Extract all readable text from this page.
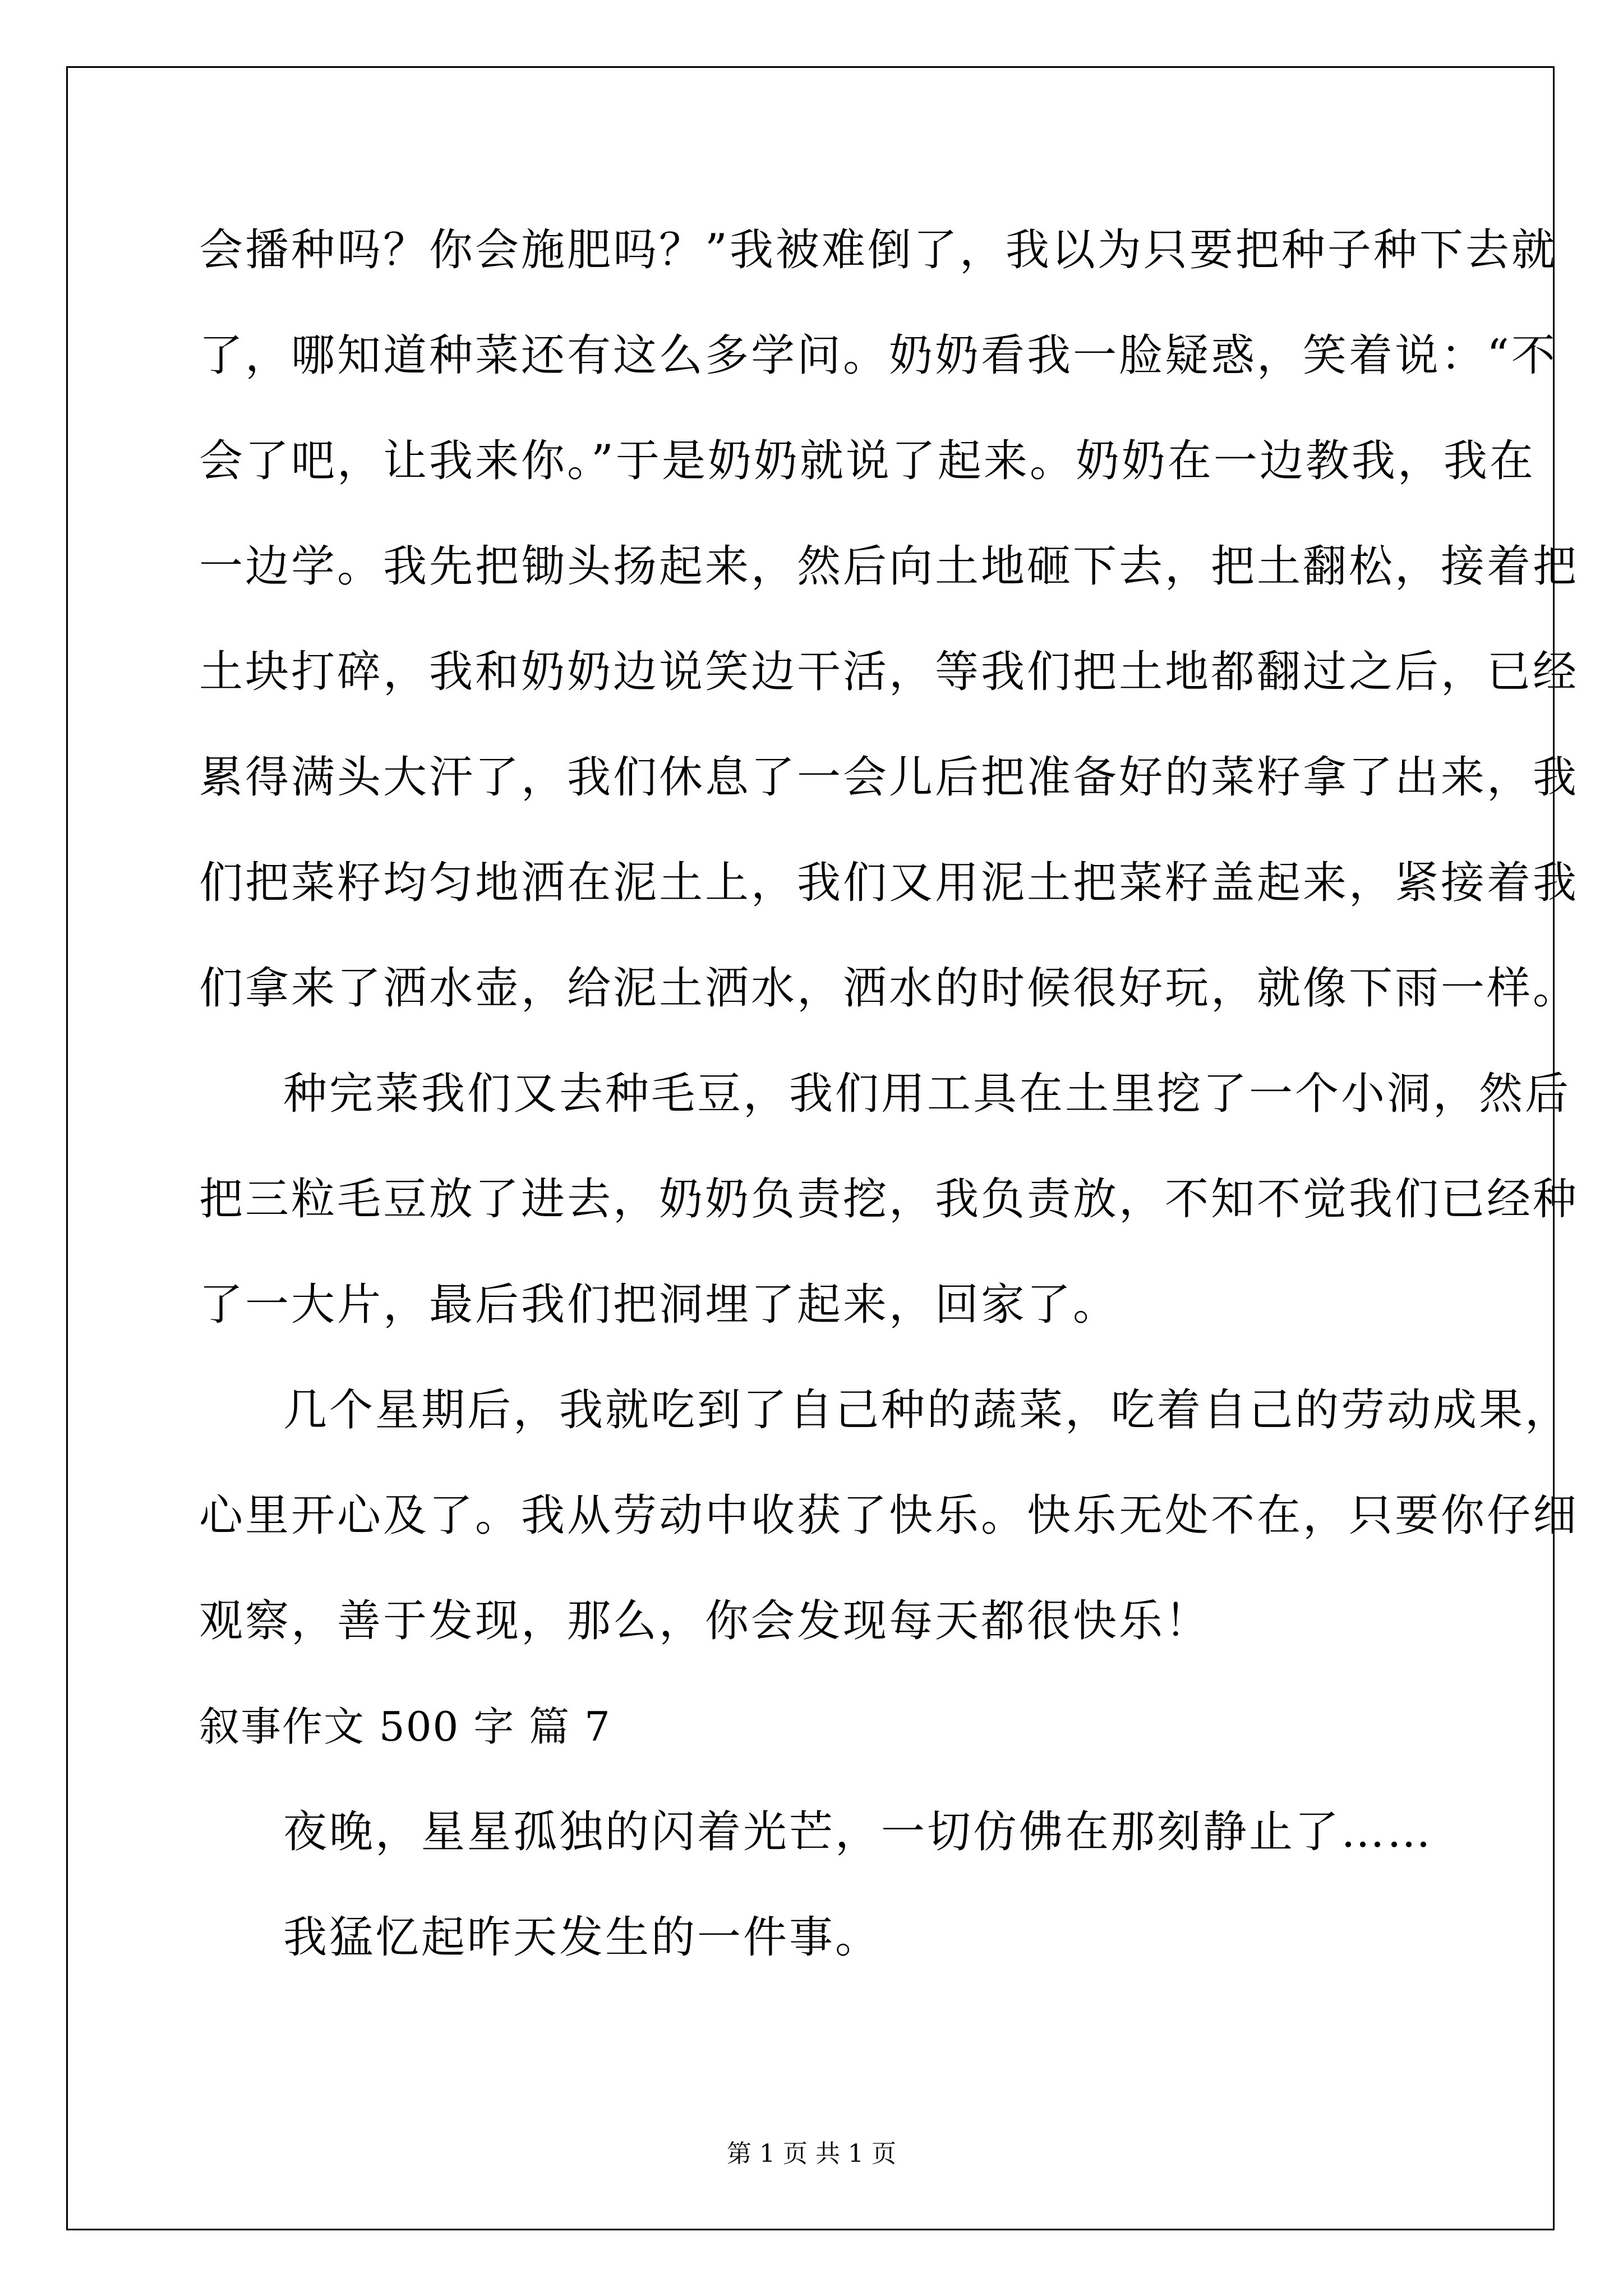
会播种吗？你会施肥吗？”我被难倒了，我以为只要把种子种下去就
了，哪知道种菜还有这么多学问。奶奶看我一脸疑惑，笑着说：“不
会了吧，让我来你。”于是奶奶就说了起来。奶奶在一边教我，我在
一边学。我先把锄头扬起来，然后向土地砸下去，把土翻松，接着把
土块打碎，我和奶奶边说笑边干活，等我们把土地都翻过之后，已经
累得满头大汗了，我们休息了一会儿后把准备好的菜籽拿了出来，我
们把菜籽均匀地洒在泥土上，我们又用泥土把菜籽盖起来，紧接着我
们拿来了洒水壶，给泥土洒水，洒水的时候很好玩，就像下雨一样。
种完菜我们又去种毛豆，我们用工具在土里挖了一个小洞，然后
把三粒毛豆放了进去，奶奶负责挖，我负责放，不知不觉我们已经种
了一大片，最后我们把洞埋了起来，回家了。
几个星期后，我就吃到了自己种的蔬菜，吃着自己的劳动成果，
心里开心及了。我从劳动中收获了快乐。快乐无处不在，只要你仔细
观察，善于发现，那么，你会发现每天都很快乐！
叙事作文 500 字 篇 7
夜晚，星星孤独的闪着光芒，一切仿佛在那刻静止了……
我猛忆起昨天发生的一件事。
第 1 页 共 1 页
